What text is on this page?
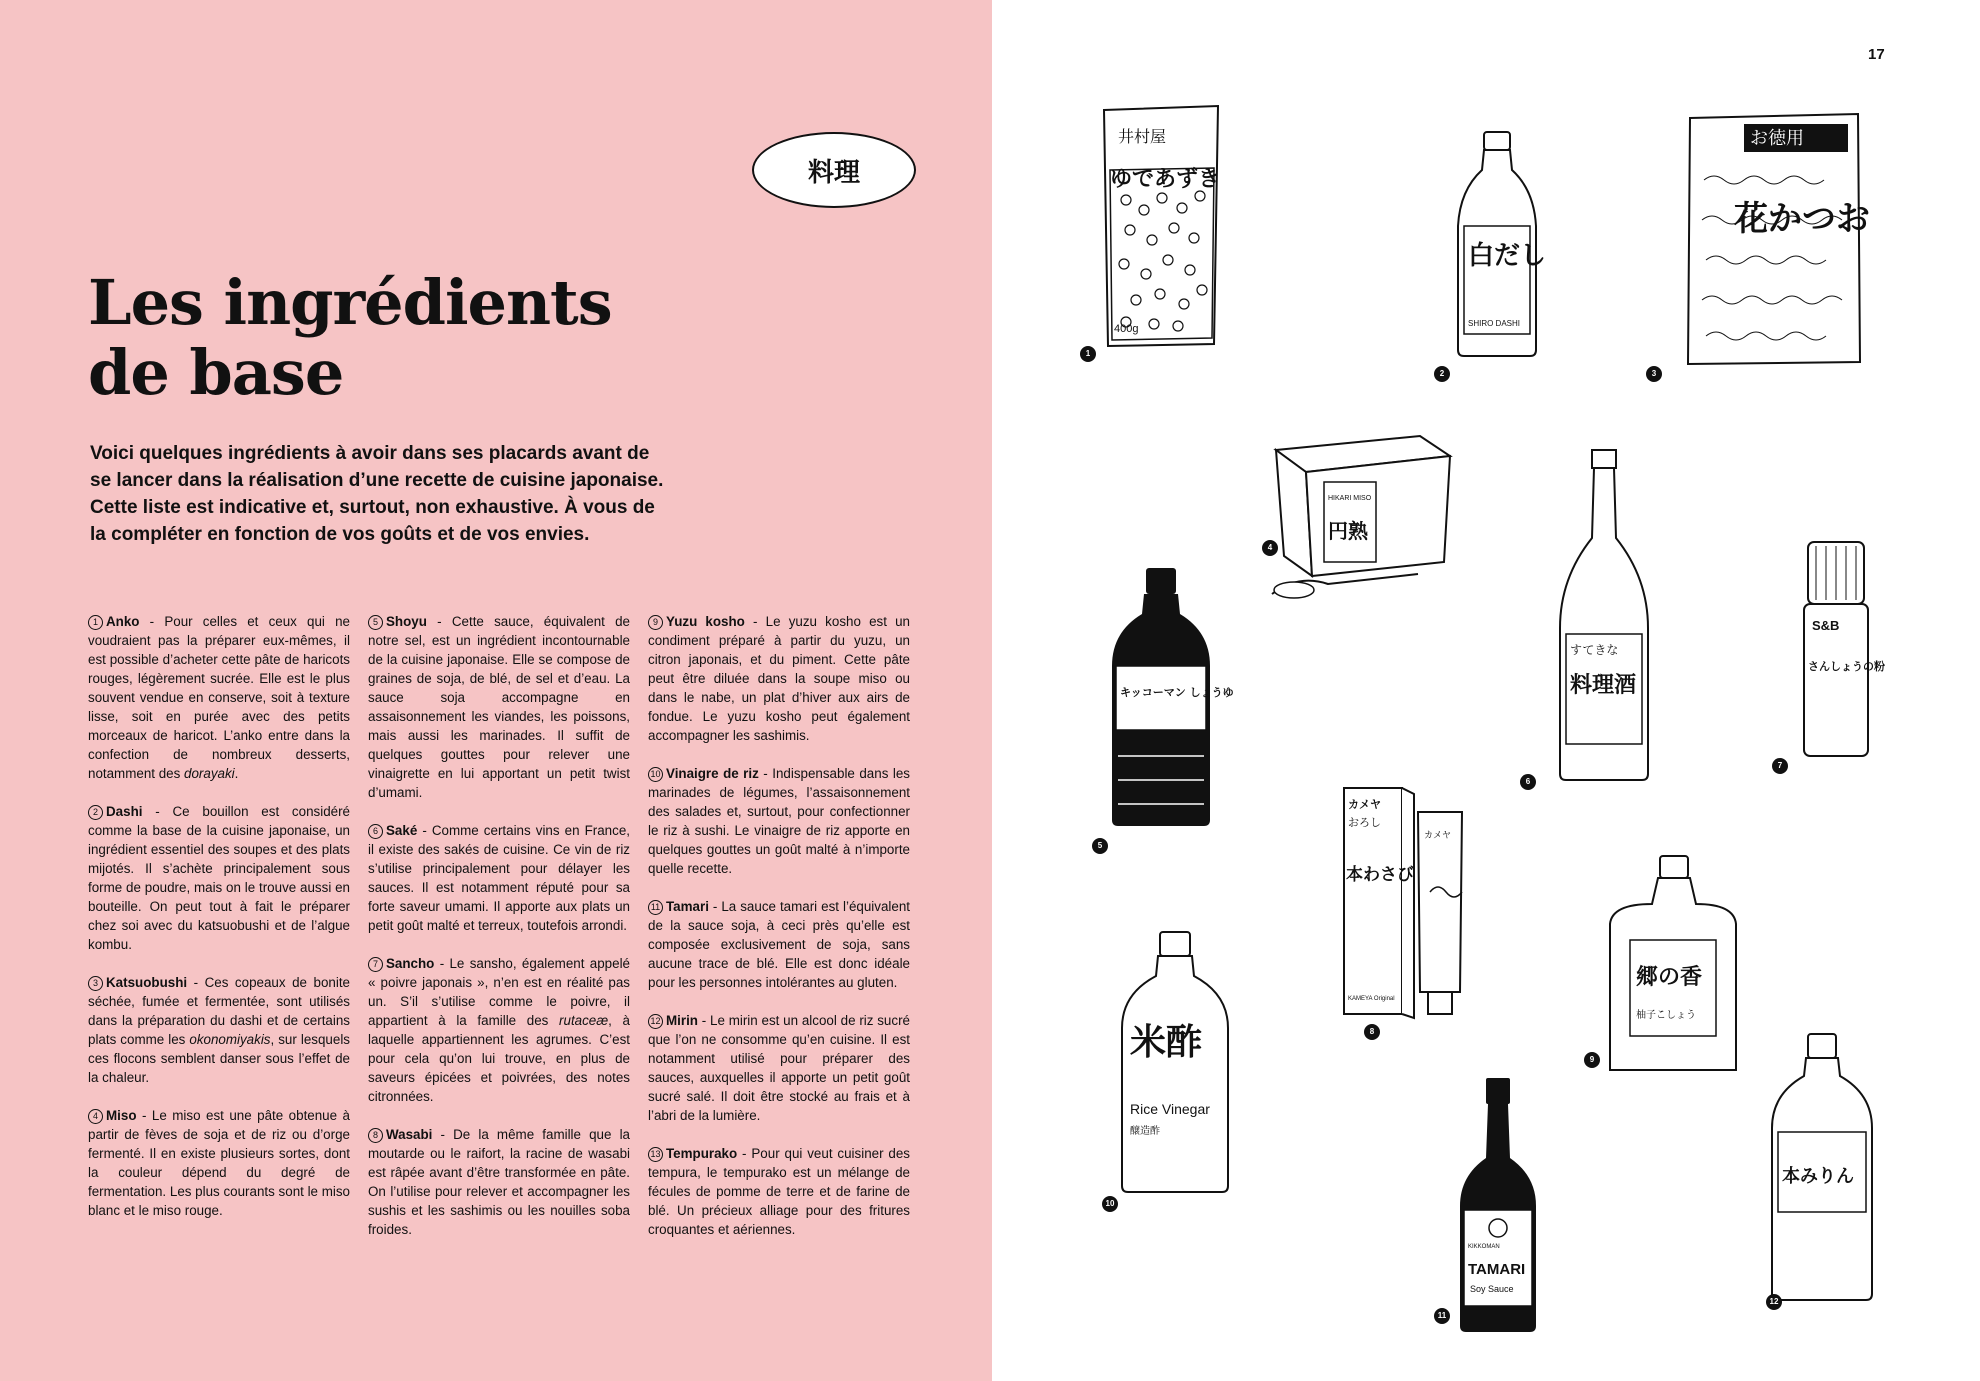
料理
Les ingrédients
de base

Voici quelques ingrédients à avoir dans ses placards avant de se lancer dans la réalisation d’une recette de cuisine japonaise. Cette liste est indicative et, surtout, non exhaustive. À vous de la compléter en fonction de vos goûts et de vos envies.

1 Anko - Pour celles et ceux qui ne voudraient pas la préparer eux-mêmes, il est possible d’acheter cette pâte de haricots rouges, légèrement sucrée. Elle est le plus souvent vendue en conserve, soit à texture lisse, soit en purée avec des petits morceaux de haricot. L’anko entre dans la confection de nombreux desserts, notamment des dorayaki.

2 Dashi - Ce bouillon est considéré comme la base de la cuisine japonaise, un ingrédient essentiel des soupes et des plats mijotés. Il s’achète principalement sous forme de poudre, mais on le trouve aussi en bouteille. On peut tout à fait le préparer chez soi avec du katsuobushi et de l’algue kombu.

3 Katsuobushi - Ces copeaux de bonite séchée, fumée et fermentée, sont utilisés dans la préparation du dashi et de certains plats comme les okonomiyakis, sur lesquels ces flocons semblent danser sous l’effet de la chaleur.

4 Miso - Le miso est une pâte obtenue à partir de fèves de soja et de riz ou d’orge fermenté. Il en existe plusieurs sortes, dont la couleur dépend du degré de fermentation. Les plus courants sont le miso blanc et le miso rouge.

5 Shoyu - Cette sauce, équivalent de notre sel, est un ingrédient incontournable de la cuisine japonaise. Elle se compose de graines de soja, de blé, de sel et d’eau. La sauce soja accompagne en assaisonnement les viandes, les poissons, mais aussi les marinades. Il suffit de quelques gouttes pour relever une vinaigrette en lui apportant un petit twist d’umami.

6 Saké - Comme certains vins en France, il existe des sakés de cuisine. Ce vin de riz s’utilise principalement pour délayer les sauces. Il est notamment réputé pour sa forte saveur umami. Il apporte aux plats un petit goût malté et terreux, toutefois arrondi.

7 Sancho - Le sansho, également appelé « poivre japonais », n’en est en réalité pas un. S’il s’utilise comme le poivre, il appartient à la famille des rutaceæ, à laquelle appartiennent les agrumes. C’est pour cela qu’on lui trouve, en plus de saveurs épicées et poivrées, des notes citronnées.

8 Wasabi - De la même famille que la moutarde ou le raifort, la racine de wasabi est râpée avant d’être transformée en pâte. On l’utilise pour relever et accompagner les sushis et les sashimis ou les nouilles soba froides.

9 Yuzu kosho - Le yuzu kosho est un condiment préparé à partir du yuzu, un citron japonais, et du piment. Cette pâte peut être diluée dans la soupe miso ou dans le nabe, un plat d’hiver aux airs de fondue. Le yuzu kosho peut également accompagner les sashimis.

10 Vinaigre de riz - Indispensable dans les marinades de légumes, l’assaisonnement des salades et, surtout, pour confectionner le riz à sushi. Le vinaigre de riz apporte en quelques gouttes un goût malté à n’importe quelle recette.

11 Tamari - La sauce tamari est l’équivalent de la sauce soja, à ceci près qu’elle est composée exclusivement de soja, sans aucune trace de blé. Elle est donc idéale pour les personnes intolérantes au gluten.

12 Mirin - Le mirin est un alcool de riz sucré que l’on ne consomme qu’en cuisine. Il est notamment utilisé pour préparer des sauces, auxquelles il apporte un petit goût sucré salé. Il doit être stocké au frais et à l’abri de la lumière.

13 Tempurako - Pour qui veut cuisiner des tempura, le tempurako est un mélange de fécules de pomme de terre et de farine de blé. Un précieux alliage pour des fritures croquantes et aériennes.

17
井村屋
ゆであずき
400g
1
白だし
SHIRO DASHI
2
お徳用
花かつお
3
HIKARI MISO
円熟
4
キッコーマン しょうゆ
5
すてきな
料理酒
6
S&B
さんしょうの粉
7
カメヤ
おろし
本わさび
KAMEYA Original
カメヤ
8
郷の香
柚子こしょう
9
米酢
Rice Vinegar
醸造酢
10
KIKKOMAN
TAMARI
Soy Sauce
11
本みりん
12
